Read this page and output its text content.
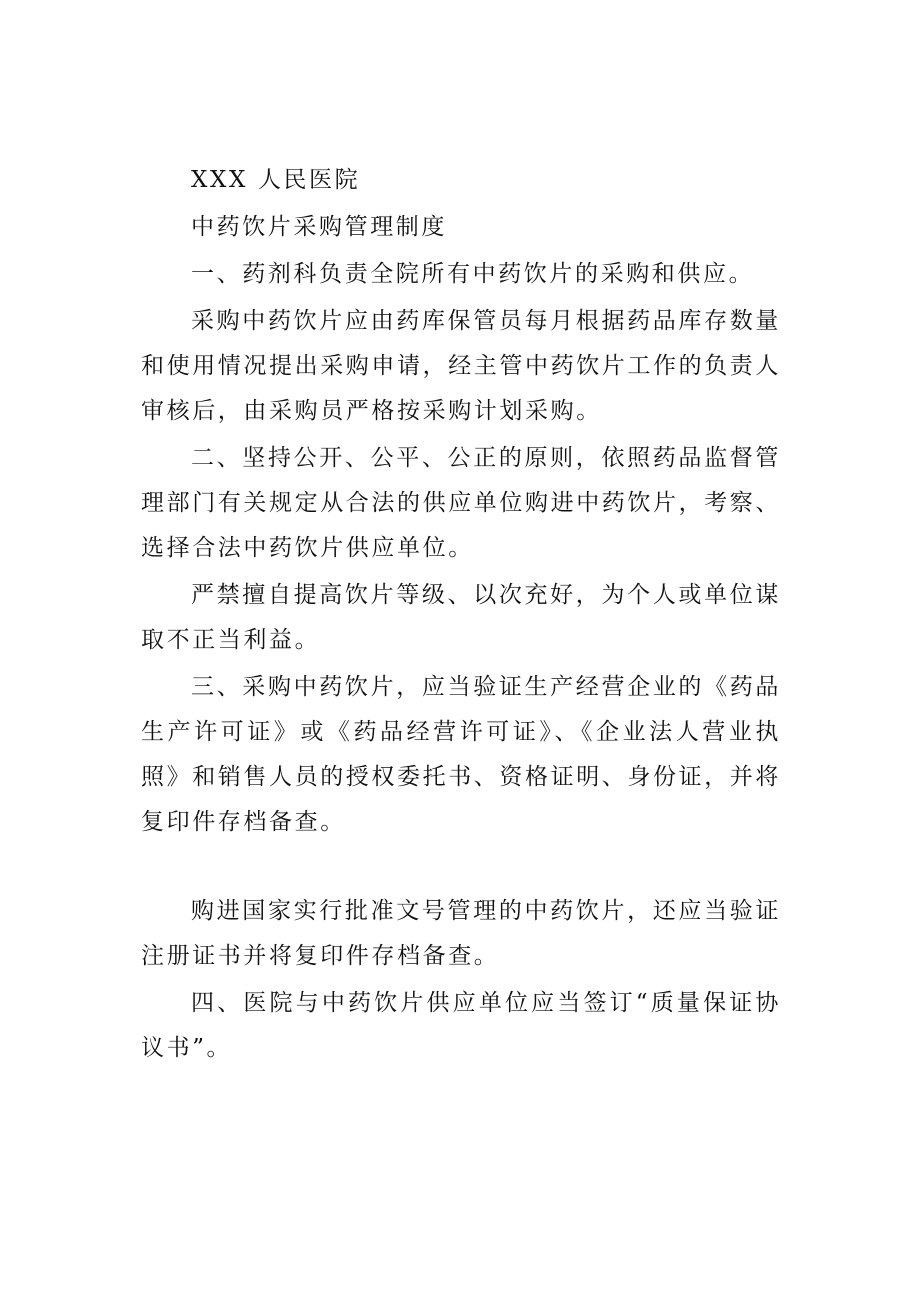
XXX 人民医院

中药饮片采购管理制度

一、药剂科负责全院所有中药饮片的采购和供应。

采购中药饮片应由药库保管员每月根据药品库存数量和使用情况提出采购申请，经主管中药饮片工作的负责人审核后，由采购员严格按采购计划采购。

二、坚持公开、公平、公正的原则，依照药品监督管理部门有关规定从合法的供应单位购进中药饮片，考察、选择合法中药饮片供应单位。

严禁擅自提高饮片等级、以次充好，为个人或单位谋取不正当利益。

三、采购中药饮片，应当验证生产经营企业的《药品生产许可证》或《药品经营许可证》、《企业法人营业执照》和销售人员的授权委托书、资格证明、身份证，并将复印件存档备查。

购进国家实行批准文号管理的中药饮片，还应当验证注册证书并将复印件存档备查。

四、医院与中药饮片供应单位应当签订“质量保证协议书”。
